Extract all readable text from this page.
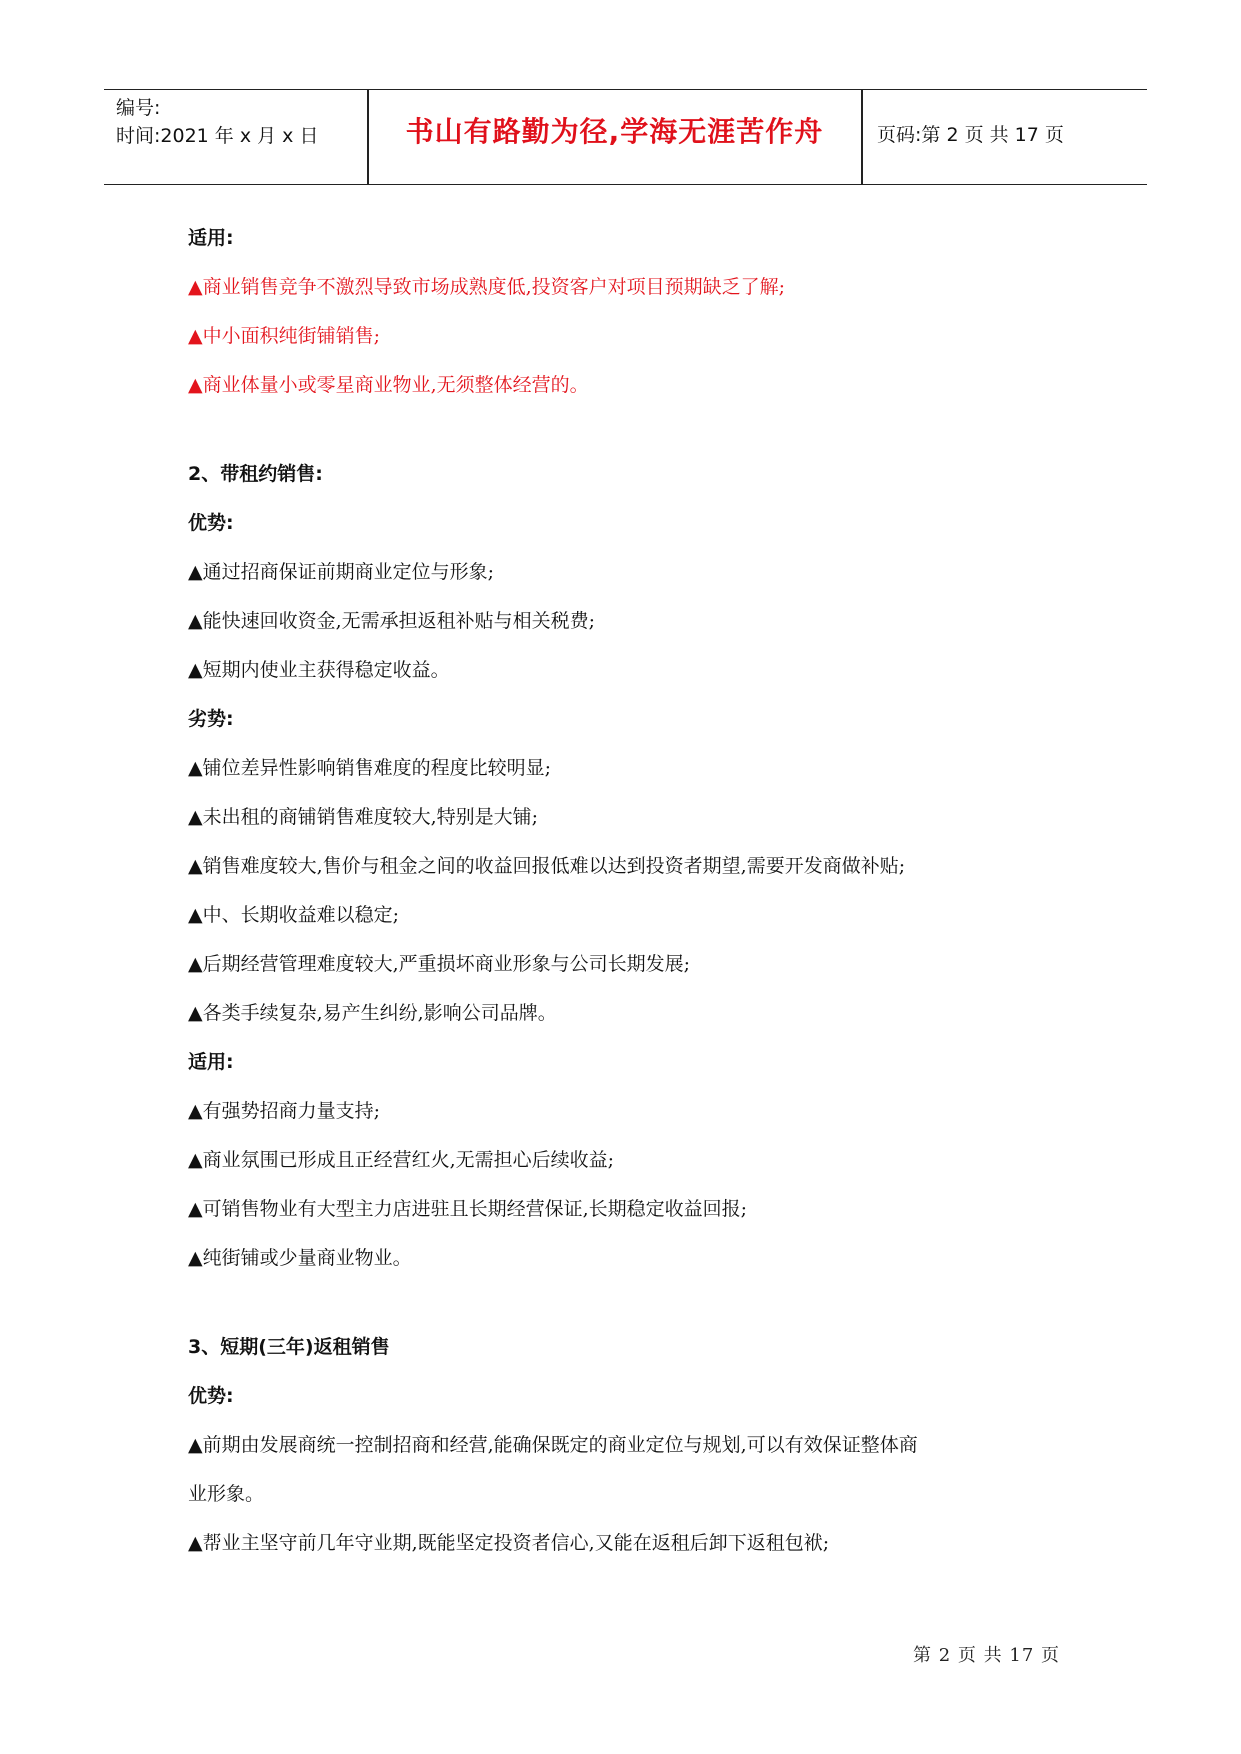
编号:
时间:2021 年 x 月 x 日	书山有路勤为径,学海无涯苦作舟	页码:第 2 页 共 17 页
适用:
▲商业销售竞争不激烈导致市场成熟度低,投资客户对项目预期缺乏了解;
▲中小面积纯街铺销售;
▲商业体量小或零星商业物业,无须整体经营的。
2、带租约销售:
优势:
▲通过招商保证前期商业定位与形象;
▲能快速回收资金,无需承担返租补贴与相关税费;
▲短期内使业主获得稳定收益。
劣势:
▲铺位差异性影响销售难度的程度比较明显;
▲未出租的商铺销售难度较大,特别是大铺;
▲销售难度较大,售价与租金之间的收益回报低难以达到投资者期望,需要开发商做补贴;
▲中、长期收益难以稳定;
▲后期经营管理难度较大,严重损坏商业形象与公司长期发展;
▲各类手续复杂,易产生纠纷,影响公司品牌。
适用:
▲有强势招商力量支持;
▲商业氛围已形成且正经营红火,无需担心后续收益;
▲可销售物业有大型主力店进驻且长期经营保证,长期稳定收益回报;
▲纯街铺或少量商业物业。
3、短期(三年)返租销售
优势:
▲前期由发展商统一控制招商和经营,能确保既定的商业定位与规划,可以有效保证整体商
业形象。
▲帮业主坚守前几年守业期,既能坚定投资者信心,又能在返租后卸下返租包袱;
第 2 页 共 17 页
